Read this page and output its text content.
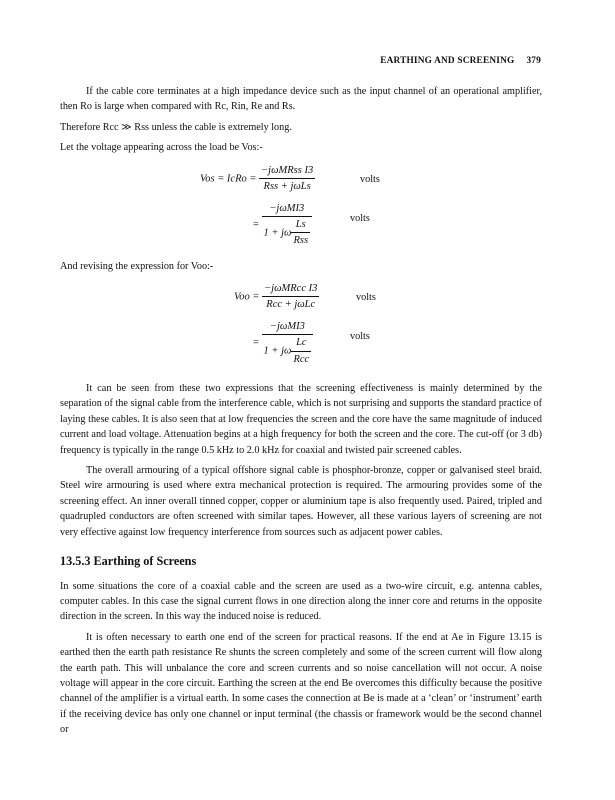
EARTHING AND SCREENING 379

If the cable core terminates at a high impedance device such as the input channel of an operational amplifier, then Ro is large when compared with Rc, Rin, Re and Rs.

Therefore Rcc ≫ Rss unless the cable is extremely long.

Let the voltage appearing across the load be Vos:-

Vos = IcRo = $\frac{\text{−jωMRss I3}}{\text{Rss + jωLs}}$	volts
= $\frac{\text{−jωMI3}}{1 + j\omega \frac{Ls}{\text{Rss}}}$	volts

And revising the expression for Voo:-

Voo = $\frac{\text{−jωMRcc I3}}{\text{Rcc + jωLc}}$	volts
= $\frac{\text{−jωMI3}}{1 + j\omega \frac{Lc}{\text{Rcc}}}$	volts

It can be seen from these two expressions that the screening effectiveness is mainly determined by the separation of the signal cable from the interference cable, which is not surprising and supports the standard practice of laying these cables. It is also seen that at low frequencies the screen and the core have the same magnitude of induced current and load voltage. Attenuation begins at a high frequency for both the screen and the core. The cut-off (or 3 db) frequency is typically in the range 0.5 kHz to 2.0 kHz for coaxial and twisted pair screened cables.

The overall armouring of a typical offshore signal cable is phosphor-bronze, copper or galvanised steel braid. Steel wire armouring is used where extra mechanical protection is required. The armouring provides some of the screening effect. An inner overall tinned copper, copper or aluminium tape is also frequently used. Paired, tripled and quadrupled conductors are often screened with similar tapes. However, all these various layers of screening are not very effective against low frequency interference from sources such as adjacent power cables.

13.5.3 Earthing of Screens

In some situations the core of a coaxial cable and the screen are used as a two-wire circuit, e.g. antenna cables, computer cables. In this case the signal current flows in one direction along the inner core and returns in the opposite direction in the screen. In this way the induced noise is reduced.

It is often necessary to earth one end of the screen for practical reasons. If the end at Ae in Figure 13.15 is earthed then the earth path resistance Re shunts the screen completely and some of the screen current will flow along the earth path. This will unbalance the core and screen currents and so noise cancellation will not occur. A noise voltage will appear in the core circuit. Earthing the screen at the end Be overcomes this difficulty because the positive channel of the amplifier is a virtual earth. In some cases the connection at Be is made at a ‘clean’ or ‘instrument’ earth if the receiving device has only one channel or input terminal (the chassis or framework would be the second channel or
